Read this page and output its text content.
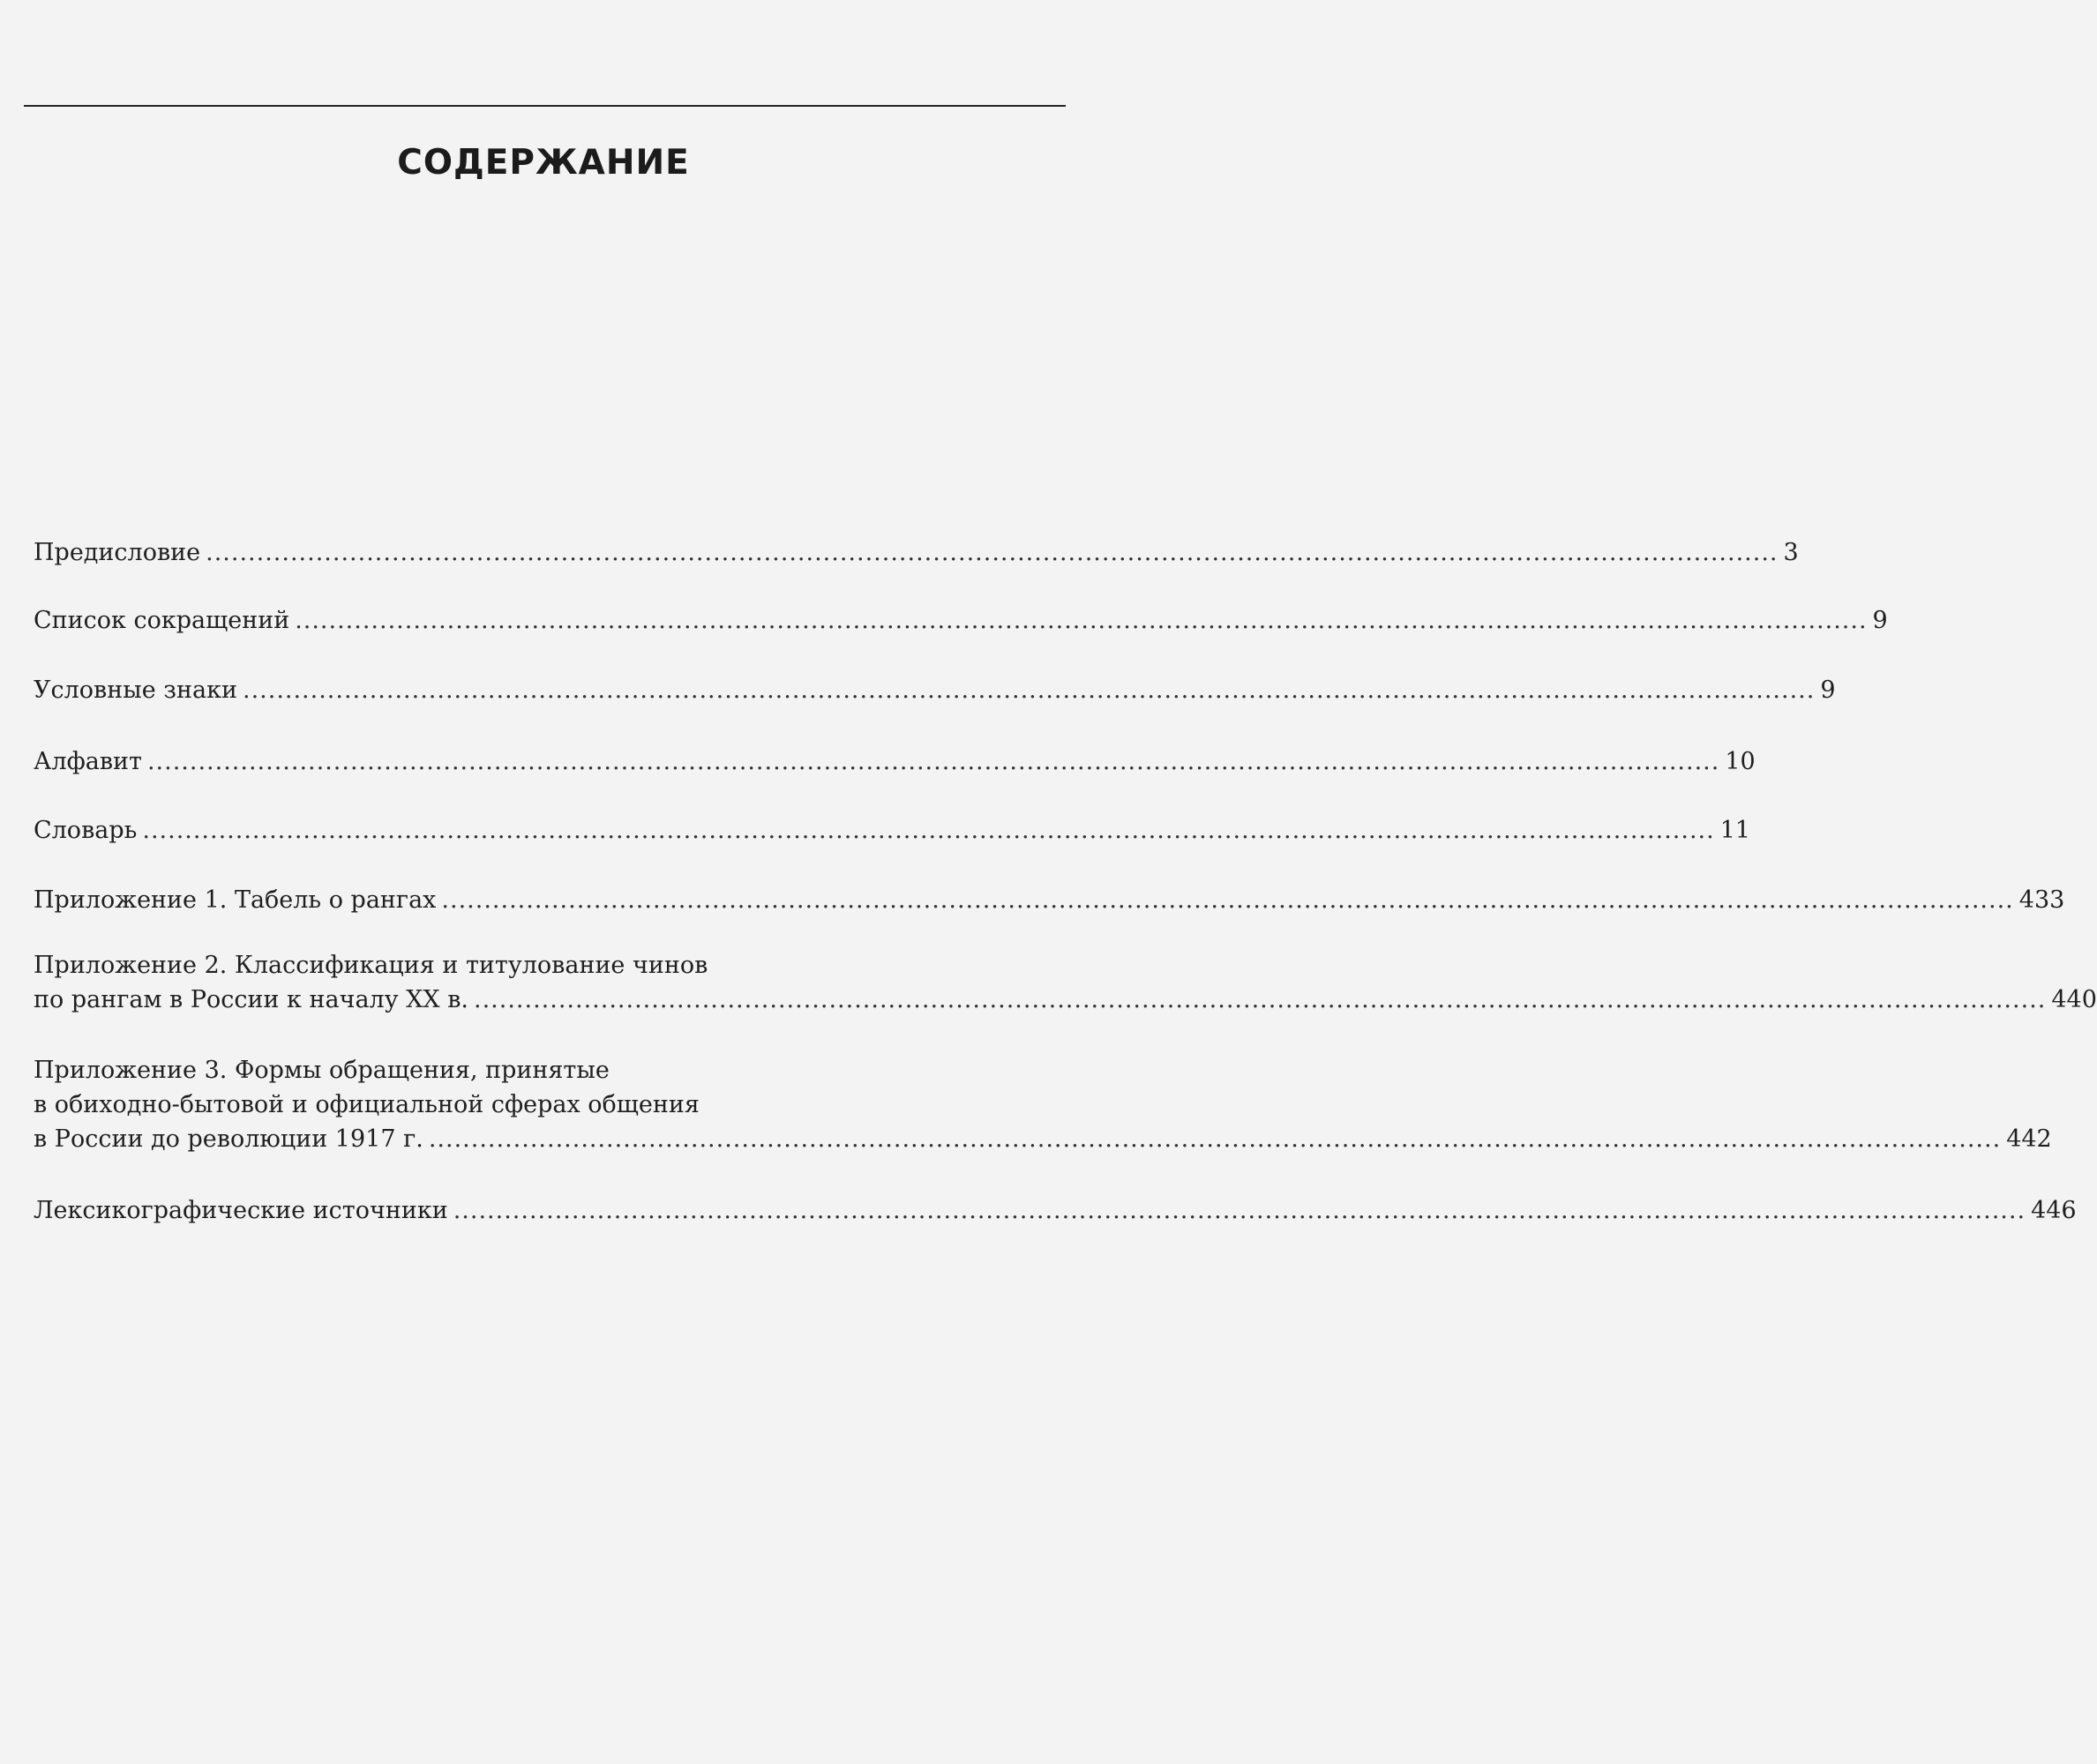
СОДЕРЖАНИЕ
Предисловие .......................................................................................................................................................................................... 3
Список сокращений .......................................................................................................................................................................................... 9
Условные знаки .......................................................................................................................................................................................... 9
Алфавит .......................................................................................................................................................................................... 10
Словарь .......................................................................................................................................................................................... 11
Приложение 1. Табель о рангах .......................................................................................................................................................................................... 433
Приложение 2. Классификация и титулование чинов
по рангам в России к началу XX в. .......................................................................................................................................................................................... 440
Приложение 3. Формы обращения, принятые
в обиходно-бытовой и официальной сферах общения
в России до революции 1917 г. .......................................................................................................................................................................................... 442
Лексикографические источники .......................................................................................................................................................................................... 446
